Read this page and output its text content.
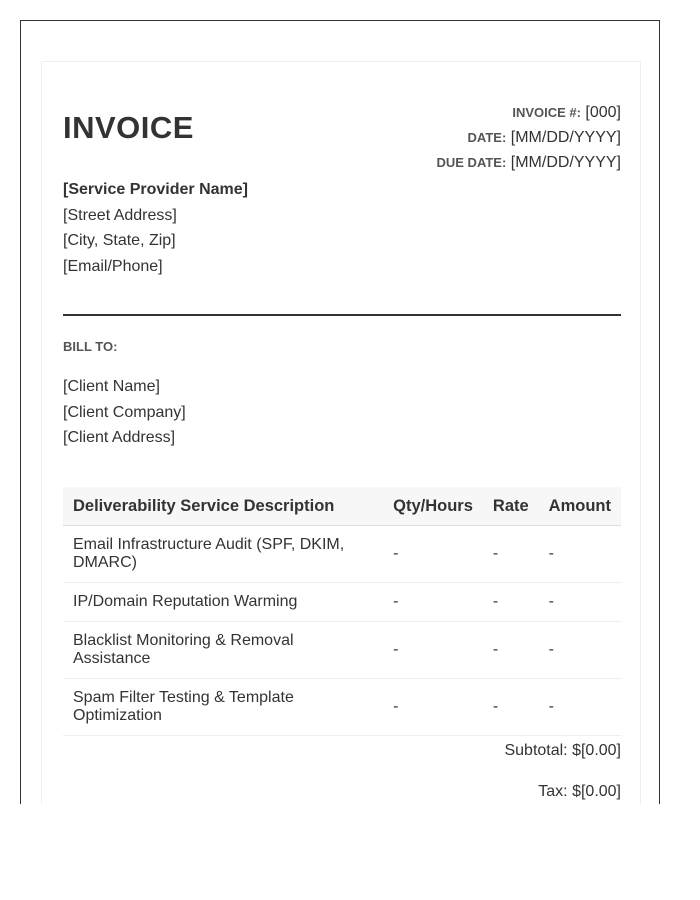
INVOICE	INVOICE #: [000]
DATE: [MM/DD/YYYY]
DUE DATE: [MM/DD/YYYY]
[Service Provider Name]
[Street Address]
[City, State, Zip]
[Email/Phone]
BILL TO:
[Client Name]
[Client Company]
[Client Address]
Deliverability Service Description	Qty/Hours	Rate	Amount
Email Infrastructure Audit (SPF, DKIM, DMARC)	-	-	-
IP/Domain Reputation Warming	-	-	-
Blacklist Monitoring & Removal Assistance	-	-	-
Spam Filter Testing & Template Optimization	-	-	-
Subtotal: $[0.00]
Tax: $[0.00]
